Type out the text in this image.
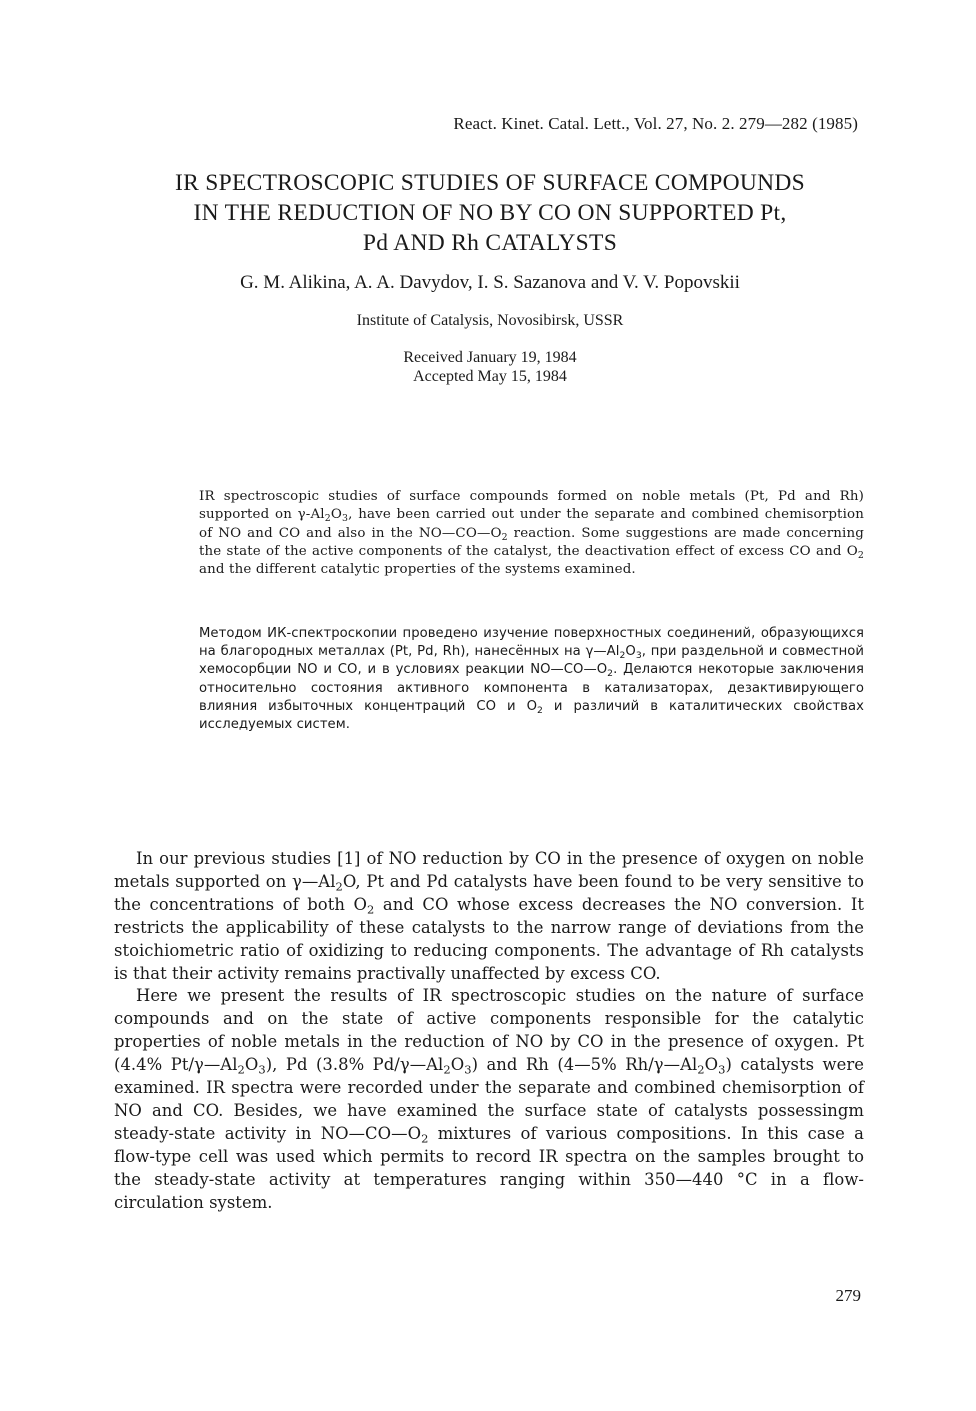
React. Kinet. Catal. Lett., Vol. 27, No. 2. 279—282 (1985)
IR SPECTROSCOPIC STUDIES OF SURFACE COMPOUNDS
IN THE REDUCTION OF NO BY CO ON SUPPORTED Pt,
Pd AND Rh CATALYSTS
G. M. Alikina, A. A. Davydov, I. S. Sazanova and V. V. Popovskii
Institute of Catalysis, Novosibirsk, USSR
Received January 19, 1984
Accepted May 15, 1984
IR spectroscopic studies of surface compounds formed on noble metals (Pt, Pd and Rh) supported on $\gamma-Al_2O_3$, have been carried out under the separate and combined chemisorption of NO and CO and also in the $NO—CO—O_2$ reaction. Some suggestions are made concerning the state of the active components of the catalyst, the deactivation effect of excess CO and $O_2$ and the different catalytic properties of the systems examined.
Методом ИК-спектроскопии проведено изучение поверхностных соединений, образующихся на благородных металлах (Pt, Pd, Rh), нанесённых на $\gamma—Al_2O_3$, при раздельной и совместной хемосорбции NO и CO, и в условиях реакции $NO—CO—O_2$. Делаются некоторые заключения относительно состояния активного компонента в катализаторах, дезактивирующего влияния избыточных концентраций CO и $O_2$ и различий в каталитических свойствах исследуемых систем.

In our previous studies [1] of NO reduction by CO in the presence of oxygen on noble metals supported on $\gamma—Al_2O$, Pt and Pd catalysts have been found to be very sensitive to the concentrations of both $O_2$ and CO whose excess decreases the NO conversion. It restricts the applicability of these catalysts to the narrow range of deviations from the stoichiometric ratio of oxidizing to reducing components. The advantage of Rh catalysts is that their activity remains practivally unaffected by excess CO.

Here we present the results of IR spectroscopic studies on the nature of surface compounds and on the state of active components responsible for the catalytic properties of noble metals in the reduction of NO by CO in the presence of oxygen. Pt (4.4% $Pt/\gamma—Al_2O_3$), Pd (3.8% $Pd/\gamma—Al_2O_3$) and Rh (4—5% $Rh/\gamma—Al_2O_3$) catalysts were examined. IR spectra were recorded under the separate and combined chemisorption of NO and CO. Besides, we have examined the surface state of catalysts possessingm steady-state activity in $NO—CO—O_2$ mixtures of various compositions. In this case a flow-type cell was used which permits to record IR spectra on the samples brought to the steady-state activity at temperatures ranging within 350—440 °C in a flow-circulation system.

279
